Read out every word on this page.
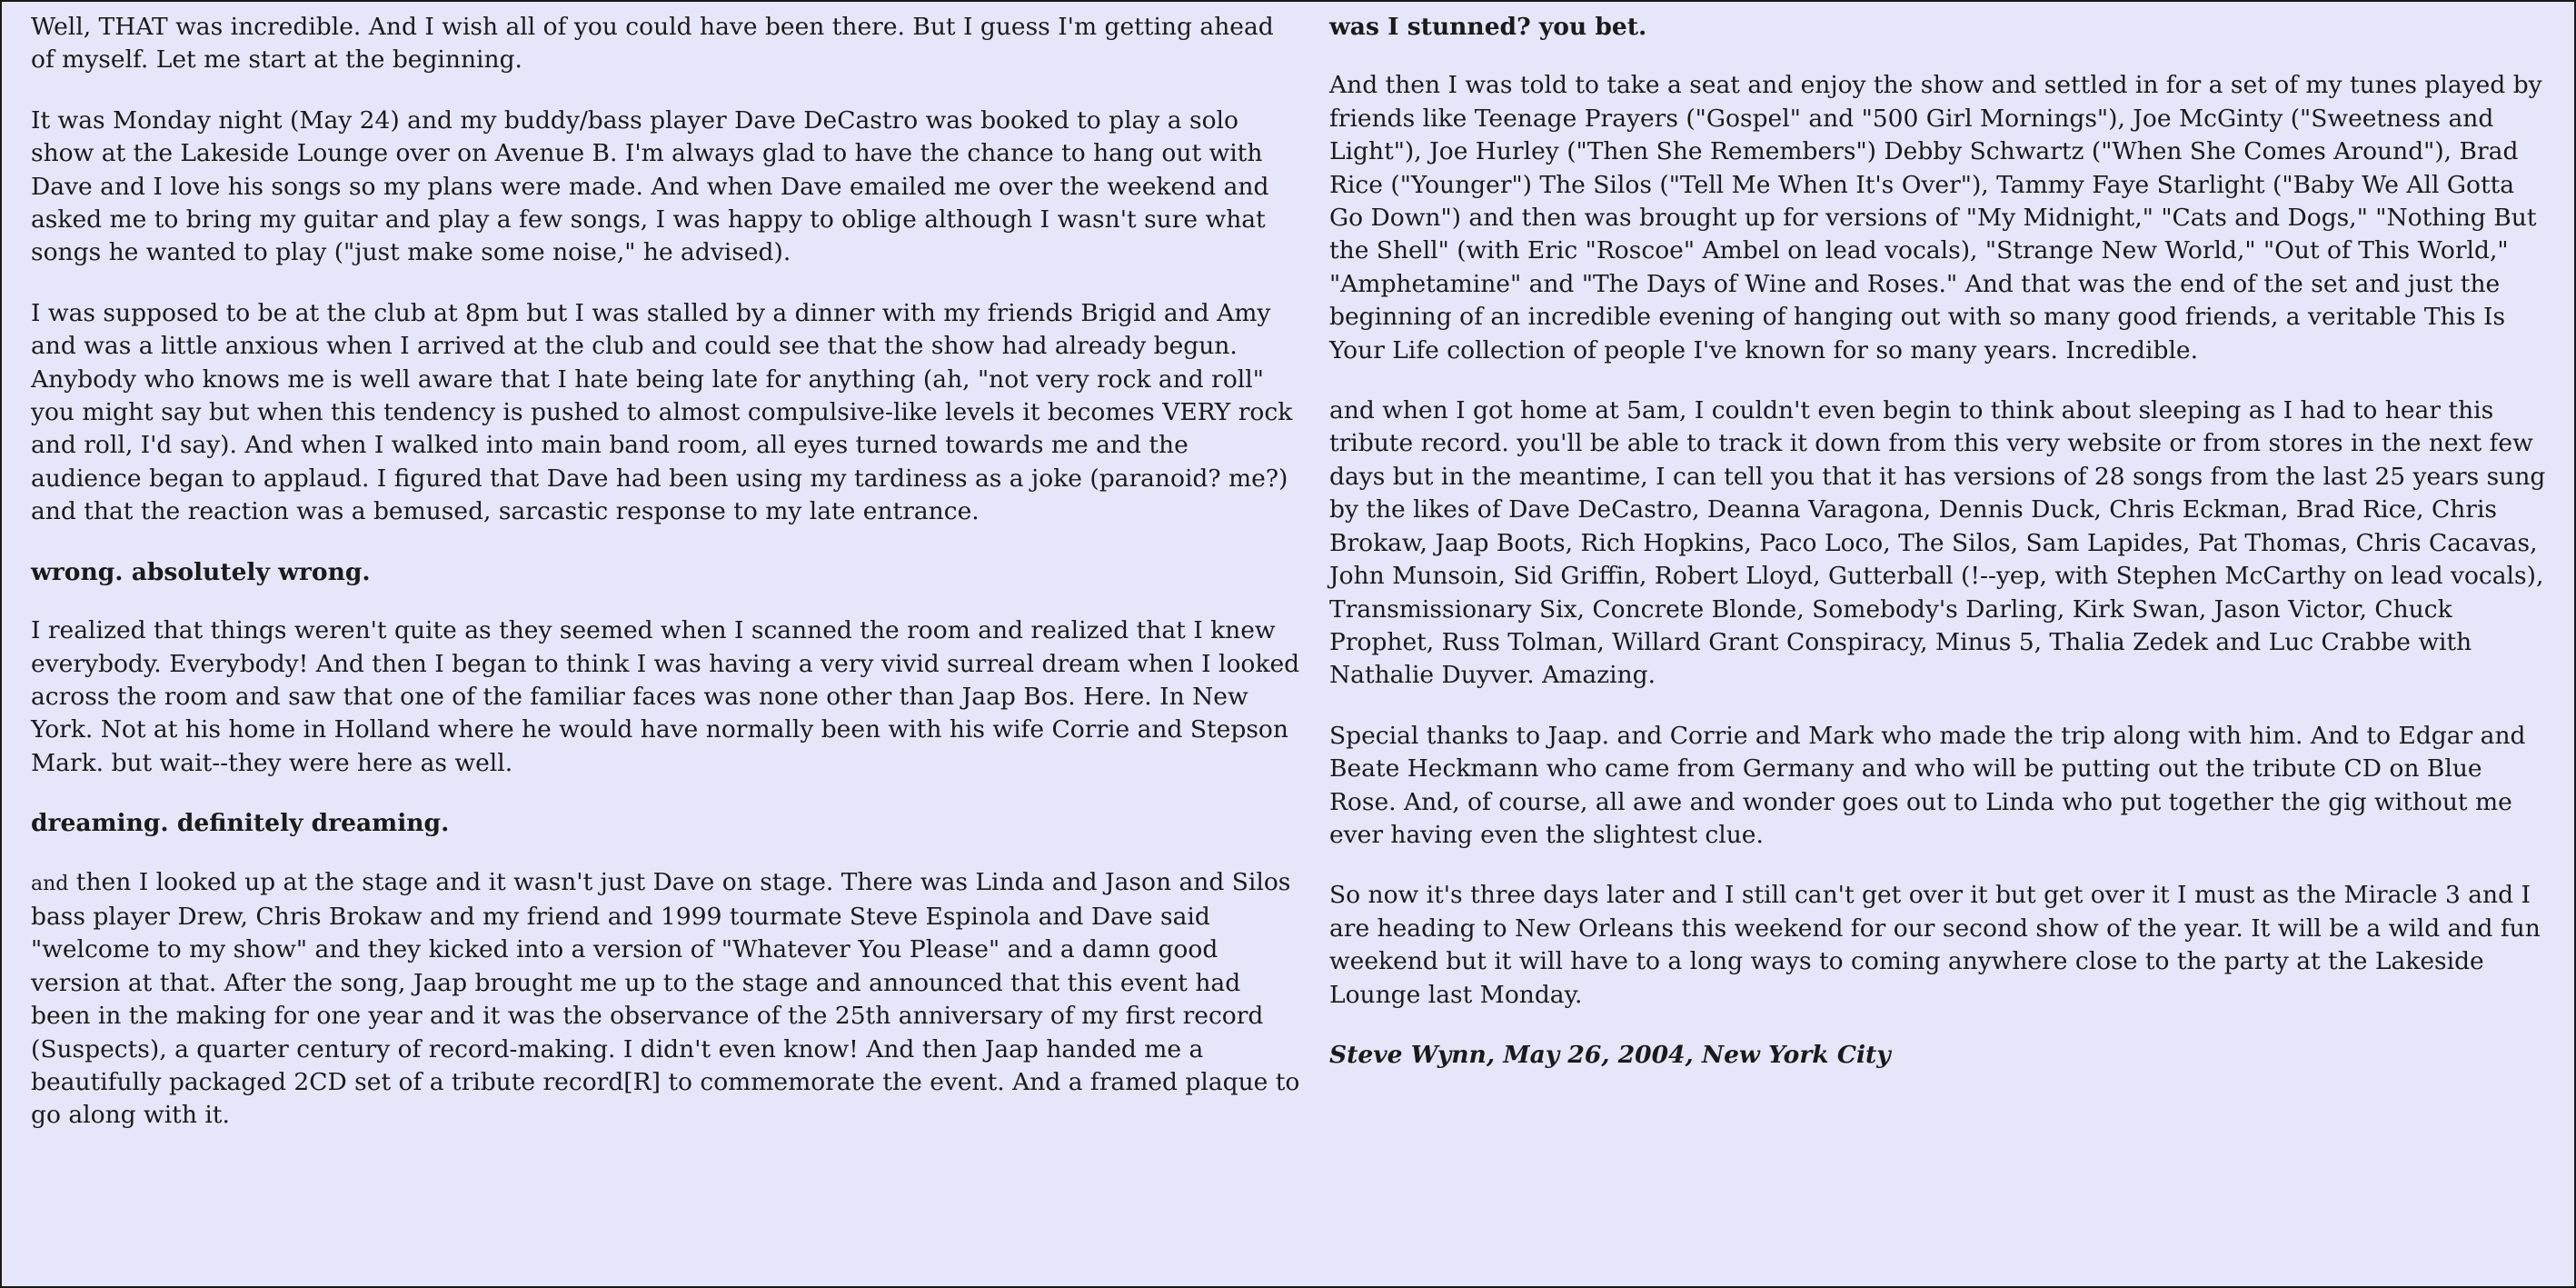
Well, THAT was incredible. And I wish all of you could have been there. But I guess I'm getting ahead of myself. Let me start at the beginning.

It was Monday night (May 24) and my buddy/bass player Dave DeCastro was booked to play a solo show at the Lakeside Lounge over on Avenue B. I'm always glad to have the chance to hang out with Dave and I love his songs so my plans were made. And when Dave emailed me over the weekend and asked me to bring my guitar and play a few songs, I was happy to oblige although I wasn't sure what songs he wanted to play ("just make some noise," he advised).

I was supposed to be at the club at 8pm but I was stalled by a dinner with my friends Brigid and Amy and was a little anxious when I arrived at the club and could see that the show had already begun. Anybody who knows me is well aware that I hate being late for anything (ah, "not very rock and roll" you might say but when this tendency is pushed to almost compulsive-like levels it becomes VERY rock and roll, I'd say). And when I walked into main band room, all eyes turned towards me and the audience began to applaud. I figured that Dave had been using my tardiness as a joke (paranoid? me?) and that the reaction was a bemused, sarcastic response to my late entrance.

wrong. absolutely wrong.

I realized that things weren't quite as they seemed when I scanned the room and realized that I knew everybody. Everybody! And then I began to think I was having a very vivid surreal dream when I looked across the room and saw that one of the familiar faces was none other than Jaap Bos. Here. In New York. Not at his home in Holland where he would have normally been with his wife Corrie and Stepson Mark. but wait--they were here as well.

dreaming. definitely dreaming.

and then I looked up at the stage and it wasn't just Dave on stage. There was Linda and Jason and Silos bass player Drew, Chris Brokaw and my friend and 1999 tourmate Steve Espinola and Dave said "welcome to my show" and they kicked into a version of "Whatever You Please" and a damn good version at that. After the song, Jaap brought me up to the stage and announced that this event had been in the making for one year and it was the observance of the 25th anniversary of my first record (Suspects), a quarter century of record-making. I didn't even know! And then Jaap handed me a beautifully packaged 2CD set of a tribute record[R] to commemorate the event. And a framed plaque to go along with it.

was I stunned? you bet.

And then I was told to take a seat and enjoy the show and settled in for a set of my tunes played by friends like Teenage Prayers ("Gospel" and "500 Girl Mornings"), Joe McGinty ("Sweetness and Light"), Joe Hurley ("Then She Remembers") Debby Schwartz ("When She Comes Around"), Brad Rice ("Younger") The Silos ("Tell Me When It's Over"), Tammy Faye Starlight ("Baby We All Gotta Go Down") and then was brought up for versions of "My Midnight," "Cats and Dogs," "Nothing But the Shell" (with Eric "Roscoe" Ambel on lead vocals), "Strange New World," "Out of This World," "Amphetamine" and "The Days of Wine and Roses." And that was the end of the set and just the beginning of an incredible evening of hanging out with so many good friends, a veritable This Is Your Life collection of people I've known for so many years. Incredible.

and when I got home at 5am, I couldn't even begin to think about sleeping as I had to hear this tribute record. you'll be able to track it down from this very website or from stores in the next few days but in the meantime, I can tell you that it has versions of 28 songs from the last 25 years sung by the likes of Dave DeCastro, Deanna Varagona, Dennis Duck, Chris Eckman, Brad Rice, Chris Brokaw, Jaap Boots, Rich Hopkins, Paco Loco, The Silos, Sam Lapides, Pat Thomas, Chris Cacavas, John Munsoin, Sid Griffin, Robert Lloyd, Gutterball (!--yep, with Stephen McCarthy on lead vocals), Transmissionary Six, Concrete Blonde, Somebody's Darling, Kirk Swan, Jason Victor, Chuck Prophet, Russ Tolman, Willard Grant Conspiracy, Minus 5, Thalia Zedek and Luc Crabbe with Nathalie Duyver. Amazing.

Special thanks to Jaap. and Corrie and Mark who made the trip along with him. And to Edgar and Beate Heckmann who came from Germany and who will be putting out the tribute CD on Blue Rose. And, of course, all awe and wonder goes out to Linda who put together the gig without me ever having even the slightest clue.

So now it's three days later and I still can't get over it but get over it I must as the Miracle 3 and I are heading to New Orleans this weekend for our second show of the year. It will be a wild and fun weekend but it will have to a long ways to coming anywhere close to the party at the Lakeside Lounge last Monday.

Steve Wynn, May 26, 2004, New York City
